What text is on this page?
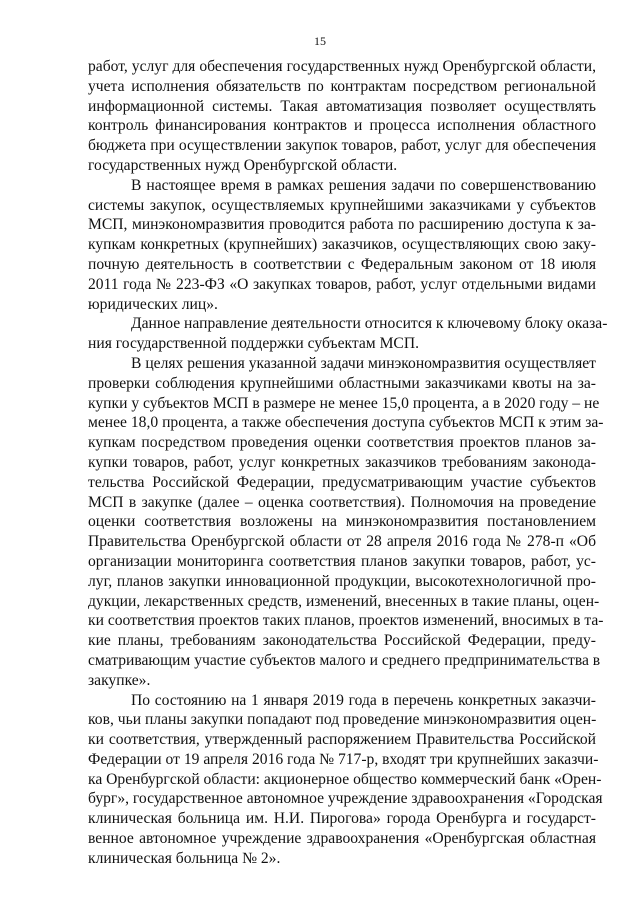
15
работ, услуг для обеспечения государственных нужд Оренбургской области,
учета исполнения обязательств по контрактам посредством региональной
информационной системы. Такая автоматизация позволяет осуществлять
контроль финансирования контрактов и процесса исполнения областного
бюджета при осуществлении закупок товаров, работ, услуг для обеспечения
государственных нужд Оренбургской области.
В настоящее время в рамках решения задачи по совершенствованию
системы закупок, осуществляемых крупнейшими заказчиками у субъектов
МСП, минэкономразвития проводится работа по расширению доступа к за-
купкам конкретных (крупнейших) заказчиков, осуществляющих свою заку-
почную деятельность в соответствии с Федеральным законом от 18 июля
2011 года № 223-ФЗ «О закупках товаров, работ, услуг отдельными видами
юридических лиц».
Данное направление деятельности относится к ключевому блоку оказа-
ния государственной поддержки субъектам МСП.
В целях решения указанной задачи минэкономразвития осуществляет
проверки соблюдения крупнейшими областными заказчиками квоты на за-
купки у субъектов МСП в размере не менее 15,0 процента, а в 2020 году – не
менее 18,0 процента, а также обеспечения доступа субъектов МСП к этим за-
купкам посредством проведения оценки соответствия проектов планов за-
купки товаров, работ, услуг конкретных заказчиков требованиям законода-
тельства Российской Федерации, предусматривающим участие субъектов
МСП в закупке (далее – оценка соответствия). Полномочия на проведение
оценки соответствия возложены на минэкономразвития постановлением
Правительства Оренбургской области от 28 апреля 2016 года № 278-п «Об
организации мониторинга соответствия планов закупки товаров, работ, ус-
луг, планов закупки инновационной продукции, высокотехнологичной про-
дукции, лекарственных средств, изменений, внесенных в такие планы, оцен-
ки соответствия проектов таких планов, проектов изменений, вносимых в та-
кие планы, требованиям законодательства Российской Федерации, преду-
сматривающим участие субъектов малого и среднего предпринимательства в
закупке».
По состоянию на 1 января 2019 года в перечень конкретных заказчи-
ков, чьи планы закупки попадают под проведение минэкономразвития оцен-
ки соответствия, утвержденный распоряжением Правительства Российской
Федерации от 19 апреля 2016 года № 717-р, входят три крупнейших заказчи-
ка Оренбургской области: акционерное общество коммерческий банк «Орен-
бург», государственное автономное учреждение здравоохранения «Городская
клиническая больница им. Н.И. Пирогова» города Оренбурга и государст-
венное автономное учреждение здравоохранения «Оренбургская областная
клиническая больница № 2».
